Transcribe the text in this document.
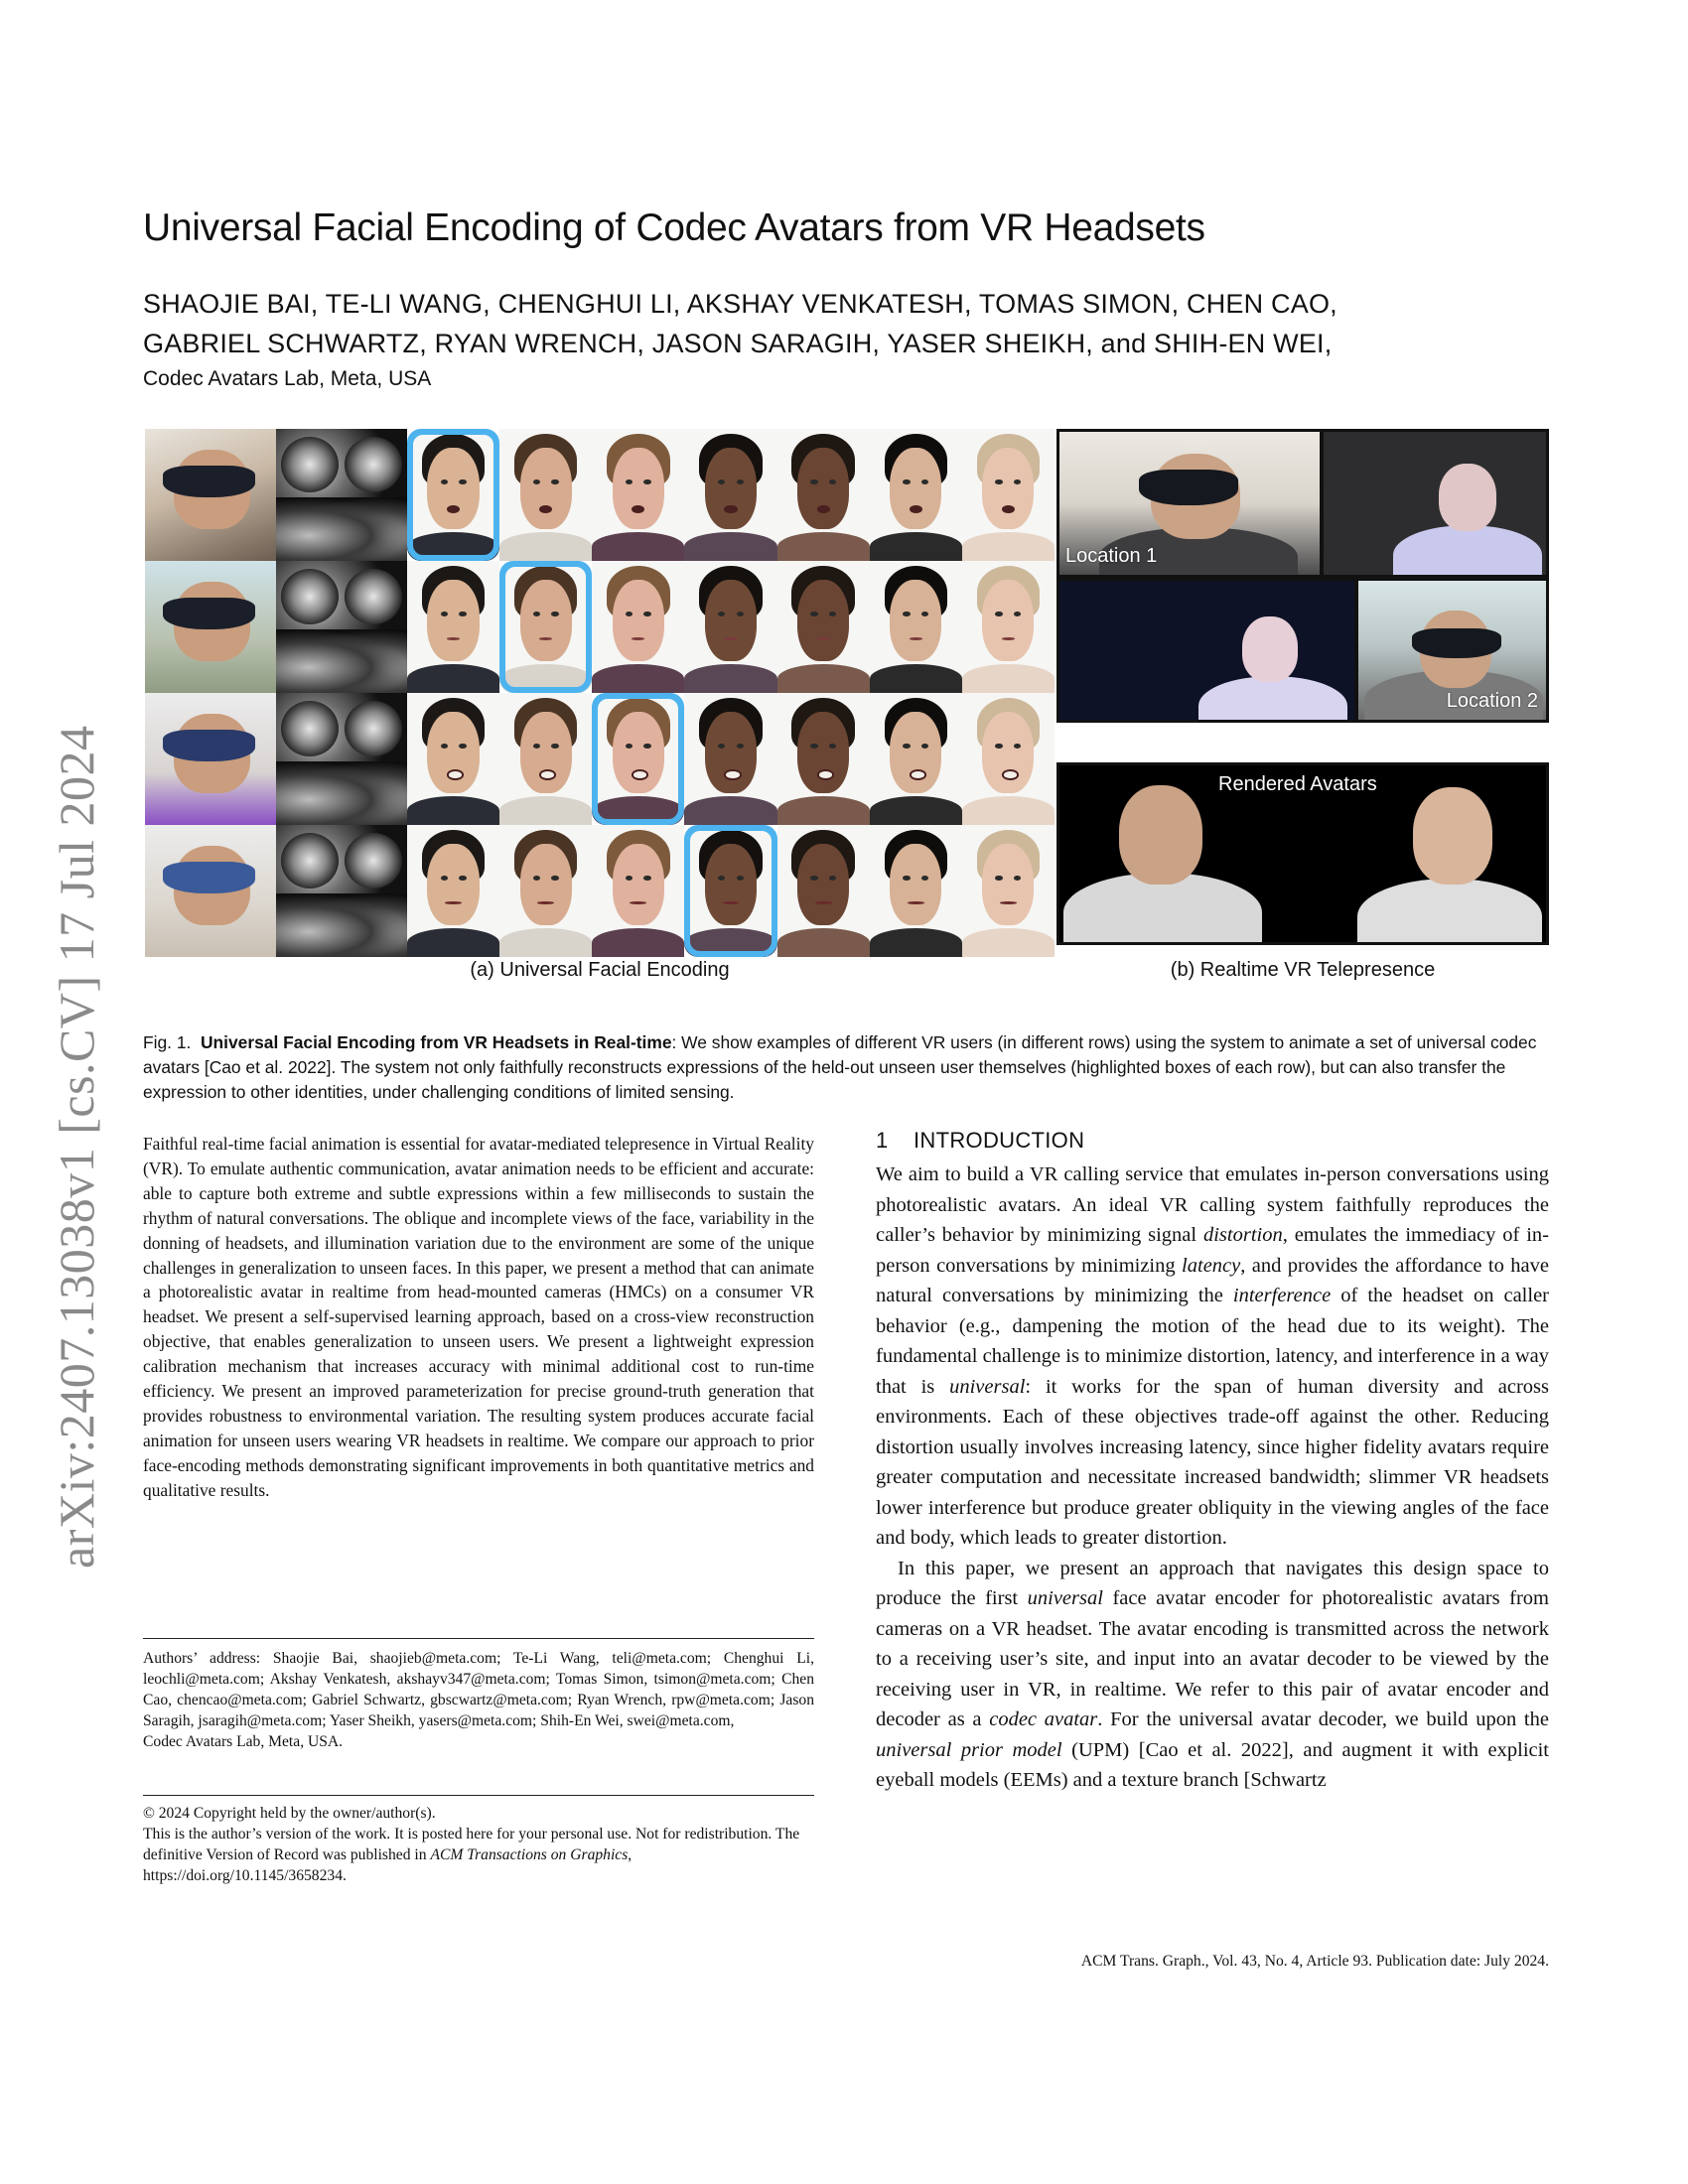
arXiv:2407.13038v1 [cs.CV] 17 Jul 2024
Universal Facial Encoding of Codec Avatars from VR Headsets
SHAOJIE BAI, TE-LI WANG, CHENGHUI LI, AKSHAY VENKATESH, TOMAS SIMON, CHEN CAO,
GABRIEL SCHWARTZ, RYAN WRENCH, JASON SARAGIH, YASER SHEIKH, and SHIH-EN WEI,
Codec Avatars Lab, Meta, USA
(a) Universal Facial Encoding
Location 1
Location 2
Rendered Avatars
(b) Realtime VR Telepresence
Fig. 1. Universal Facial Encoding from VR Headsets in Real-time: We show examples of different VR users (in different rows) using the system to animate a set of universal codec avatars [Cao et al. 2022]. The system not only faithfully reconstructs expressions of the held-out unseen user themselves (highlighted boxes of each row), but can also transfer the expression to other identities, under challenging conditions of limited sensing.
Faithful real-time facial animation is essential for avatar-mediated telepresence in Virtual Reality (VR). To emulate authentic communication, avatar animation needs to be efficient and accurate: able to capture both extreme and subtle expressions within a few milliseconds to sustain the rhythm of natural conversations. The oblique and incomplete views of the face, variability in the donning of headsets, and illumination variation due to the environment are some of the unique challenges in generalization to unseen faces. In this paper, we present a method that can animate a photorealistic avatar in realtime from head-mounted cameras (HMCs) on a consumer VR headset. We present a self-supervised learning approach, based on a cross-view reconstruction objective, that enables generalization to unseen users. We present a lightweight expression calibration mechanism that increases accuracy with minimal additional cost to run-time efficiency. We present an improved parameterization for precise ground-truth generation that provides robustness to environmental variation. The resulting system produces accurate facial animation for unseen users wearing VR headsets in realtime. We compare our approach to prior face-encoding methods demonstrating significant improvements in both quantitative metrics and qualitative results.
1 INTRODUCTION

We aim to build a VR calling service that emulates in-person conversations using photorealistic avatars. An ideal VR calling system faithfully reproduces the caller’s behavior by minimizing signal distortion, emulates the immediacy of in-person conversations by minimizing latency, and provides the affordance to have natural conversations by minimizing the interference of the headset on caller behavior (e.g., dampening the motion of the head due to its weight). The fundamental challenge is to minimize distortion, latency, and interference in a way that is universal: it works for the span of human diversity and across environments. Each of these objectives trade-off against the other. Reducing distortion usually involves increasing latency, since higher fidelity avatars require greater computation and necessitate increased bandwidth; slimmer VR headsets lower interference but produce greater obliquity in the viewing angles of the face and body, which leads to greater distortion.

In this paper, we present an approach that navigates this design space to produce the first universal face avatar encoder for photorealistic avatars from cameras on a VR headset. The avatar encoding is transmitted across the network to a receiving user’s site, and input into an avatar decoder to be viewed by the receiving user in VR, in realtime. We refer to this pair of avatar encoder and decoder as a codec avatar. For the universal avatar decoder, we build upon the universal prior model (UPM) [Cao et al. 2022], and augment it with explicit eyeball models (EEMs) and a texture branch [Schwartz

Authors’ address: Shaojie Bai, shaojieb@meta.com; Te-Li Wang, teli@meta.com; Chenghui Li, leochli@meta.com; Akshay Venkatesh, akshayv347@meta.com; Tomas Simon, tsimon@meta.com; Chen Cao, chencao@meta.com; Gabriel Schwartz, gbscwartz@meta.com; Ryan Wrench, rpw@meta.com; Jason Saragih, jsaragih@meta.com; Yaser Sheikh, yasers@meta.com; Shih-En Wei, swei@meta.com,
Codec Avatars Lab, Meta, USA.
© 2024 Copyright held by the owner/author(s).
This is the author’s version of the work. It is posted here for your personal use. Not for redistribution. The definitive Version of Record was published in ACM Transactions on Graphics, https://doi.org/10.1145/3658234.
ACM Trans. Graph., Vol. 43, No. 4, Article 93. Publication date: July 2024.
